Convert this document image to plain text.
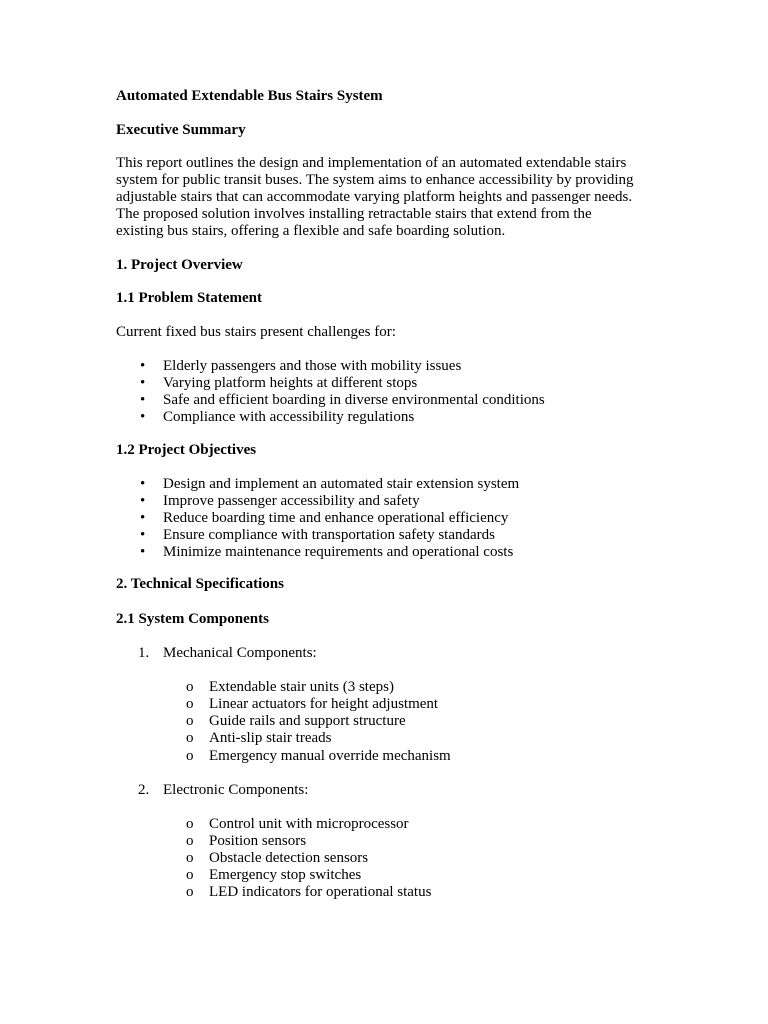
Automated Extendable Bus Stairs System
Executive Summary
This report outlines the design and implementation of an automated extendable stairs
system for public transit buses. The system aims to enhance accessibility by providing
adjustable stairs that can accommodate varying platform heights and passenger needs.
The proposed solution involves installing retractable stairs that extend from the
existing bus stairs, offering a flexible and safe boarding solution.
1. Project Overview
1.1 Problem Statement
Current fixed bus stairs present challenges for:
• Elderly passengers and those with mobility issues
• Varying platform heights at different stops
• Safe and efficient boarding in diverse environmental conditions
• Compliance with accessibility regulations
1.2 Project Objectives
• Design and implement an automated stair extension system
• Improve passenger accessibility and safety
• Reduce boarding time and enhance operational efficiency
• Ensure compliance with transportation safety standards
• Minimize maintenance requirements and operational costs
2. Technical Specifications
2.1 System Components
1. Mechanical Components:
o Extendable stair units (3 steps)
o Linear actuators for height adjustment
o Guide rails and support structure
o Anti-slip stair treads
o Emergency manual override mechanism
2. Electronic Components:
o Control unit with microprocessor
o Position sensors
o Obstacle detection sensors
o Emergency stop switches
o LED indicators for operational status
